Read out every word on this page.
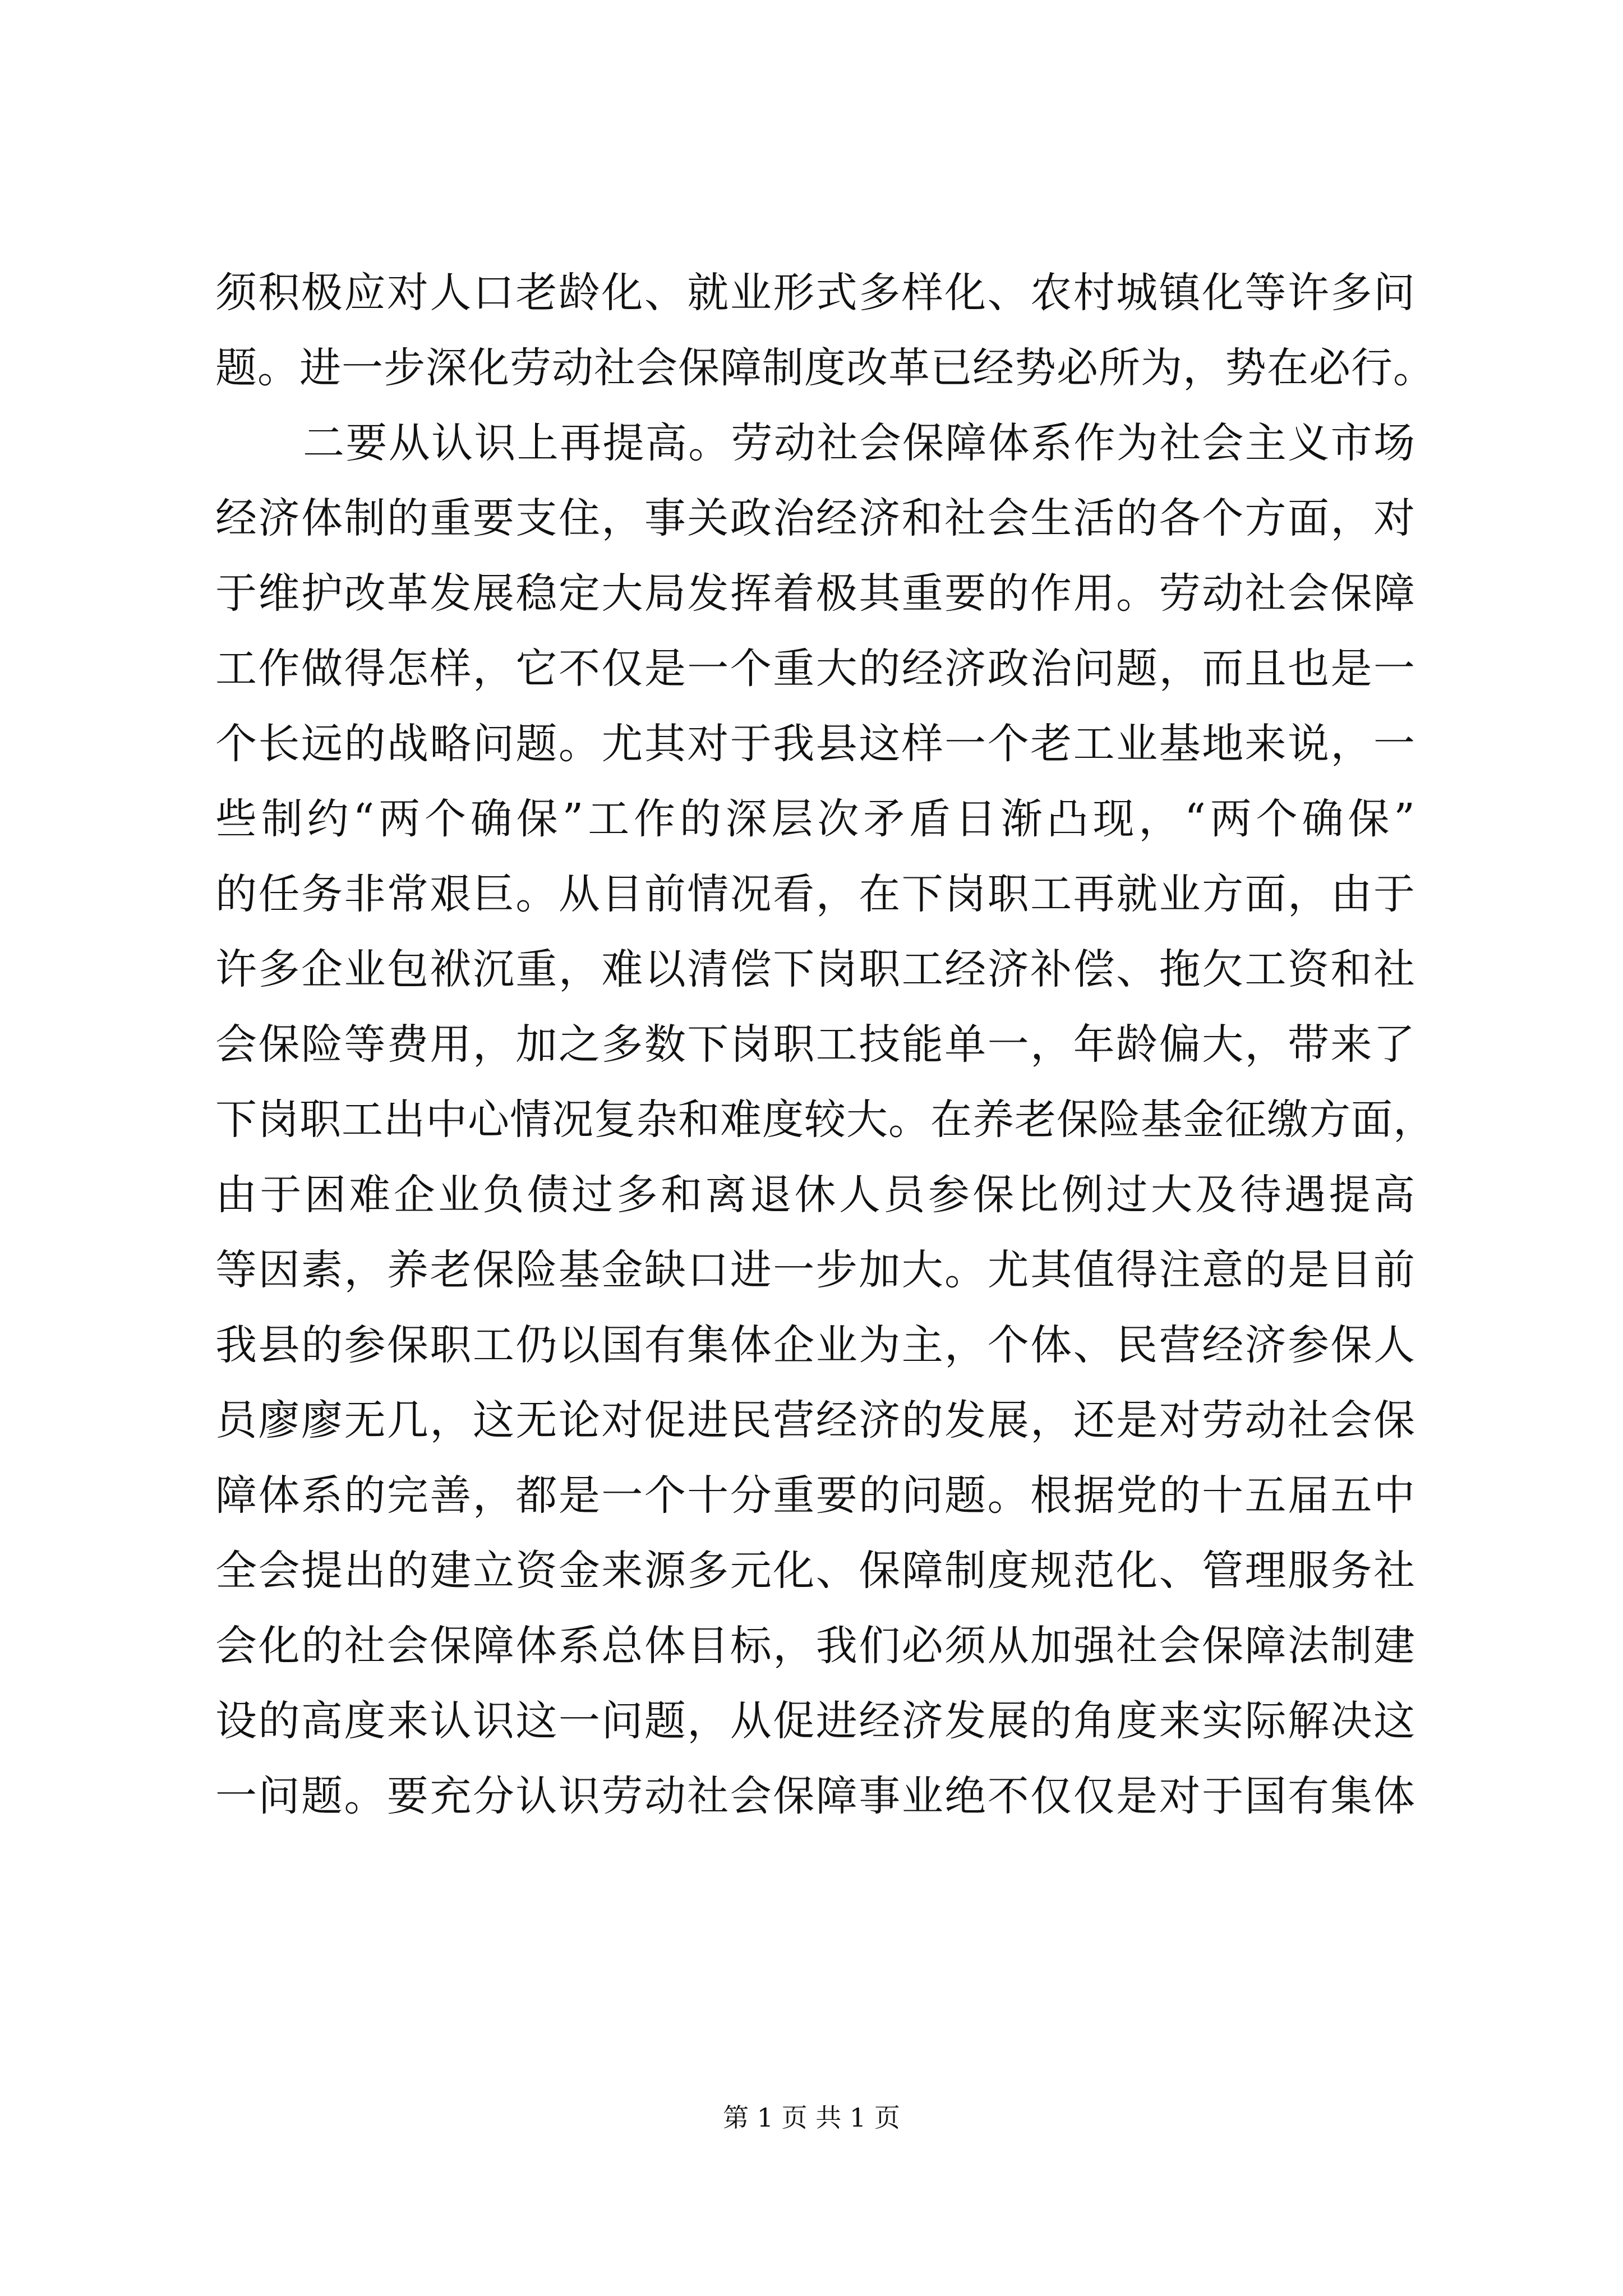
须积极应对人口老龄化、就业形式多样化、农村城镇化等许多问
题。进一步深化劳动社会保障制度改革已经势必所为，势在必行。
二要从认识上再提高。劳动社会保障体系作为社会主义市场
经济体制的重要支住，事关政治经济和社会生活的各个方面，对
于维护改革发展稳定大局发挥着极其重要的作用。劳动社会保障
工作做得怎样，它不仅是一个重大的经济政治问题，而且也是一
个长远的战略问题。尤其对于我县这样一个老工业基地来说，一
些制约“两个确保”工作的深层次矛盾日渐凸现，“两个确保”
的任务非常艰巨。从目前情况看，在下岗职工再就业方面，由于
许多企业包袱沉重，难以清偿下岗职工经济补偿、拖欠工资和社
会保险等费用，加之多数下岗职工技能单一，年龄偏大，带来了
下岗职工出中心情况复杂和难度较大。在养老保险基金征缴方面，
由于困难企业负债过多和离退休人员参保比例过大及待遇提高
等因素，养老保险基金缺口进一步加大。尤其值得注意的是目前
我县的参保职工仍以国有集体企业为主，个体、民营经济参保人
员廖廖无几，这无论对促进民营经济的发展，还是对劳动社会保
障体系的完善，都是一个十分重要的问题。根据党的十五届五中
全会提出的建立资金来源多元化、保障制度规范化、管理服务社
会化的社会保障体系总体目标，我们必须从加强社会保障法制建
设的高度来认识这一问题，从促进经济发展的角度来实际解决这
一问题。要充分认识劳动社会保障事业绝不仅仅是对于国有集体
第 1 页 共 1 页
